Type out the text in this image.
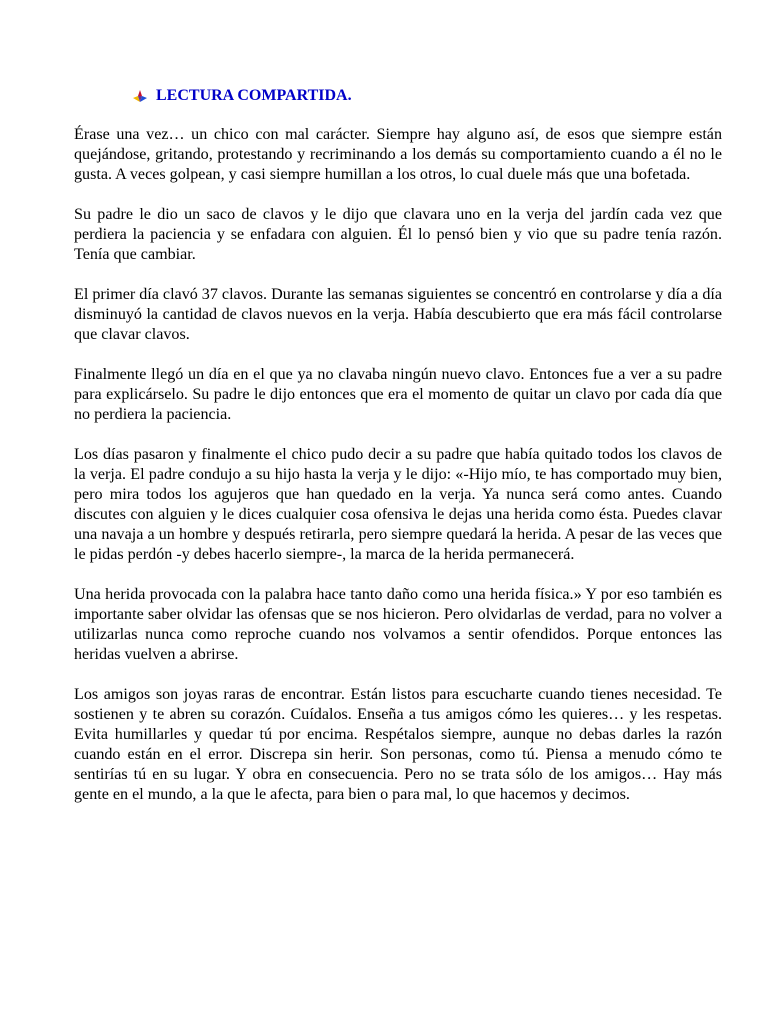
LECTURA COMPARTIDA.

Érase una vez… un chico con mal carácter. Siempre hay alguno así, de esos que siempre están quejándose, gritando, protestando y recriminando a los demás su comportamiento cuando a él no le gusta. A veces golpean, y casi siempre humillan a los otros, lo cual duele más que una bofetada.

Su padre le dio un saco de clavos y le dijo que clavara uno en la verja del jardín cada vez que perdiera la paciencia y se enfadara con alguien. Él lo pensó bien y vio que su padre tenía razón. Tenía que cambiar.

El primer día clavó 37 clavos. Durante las semanas siguientes se concentró en controlarse y día a día disminuyó la cantidad de clavos nuevos en la verja. Había descubierto que era más fácil controlarse que clavar clavos.

Finalmente llegó un día en el que ya no clavaba ningún nuevo clavo. Entonces fue a ver a su padre para explicárselo. Su padre le dijo entonces que era el momento de quitar un clavo por cada día que no perdiera la paciencia.

Los días pasaron y finalmente el chico pudo decir a su padre que había quitado todos los clavos de la verja. El padre condujo a su hijo hasta la verja y le dijo: «-Hijo mío, te has comportado muy bien, pero mira todos los agujeros que han quedado en la verja. Ya nunca será como antes. Cuando discutes con alguien y le dices cualquier cosa ofensiva le dejas una herida como ésta. Puedes clavar una navaja a un hombre y después retirarla, pero siempre quedará la herida. A pesar de las veces que le pidas perdón -y debes hacerlo siempre-, la marca de la herida permanecerá.

Una herida provocada con la palabra hace tanto daño como una herida física.» Y por eso también es importante saber olvidar las ofensas que se nos hicieron. Pero olvidarlas de verdad, para no volver a utilizarlas nunca como reproche cuando nos volvamos a sentir ofendidos. Porque entonces las heridas vuelven a abrirse.

Los amigos son joyas raras de encontrar. Están listos para escucharte cuando tienes necesidad. Te sostienen y te abren su corazón. Cuídalos. Enseña a tus amigos cómo les quieres… y les respetas. Evita humillarles y quedar tú por encima. Respétalos siempre, aunque no debas darles la razón cuando están en el error. Discrepa sin herir. Son personas, como tú. Piensa a menudo cómo te sentirías tú en su lugar. Y obra en consecuencia. Pero no se trata sólo de los amigos… Hay más gente en el mundo, a la que le afecta, para bien o para mal, lo que hacemos y decimos.
